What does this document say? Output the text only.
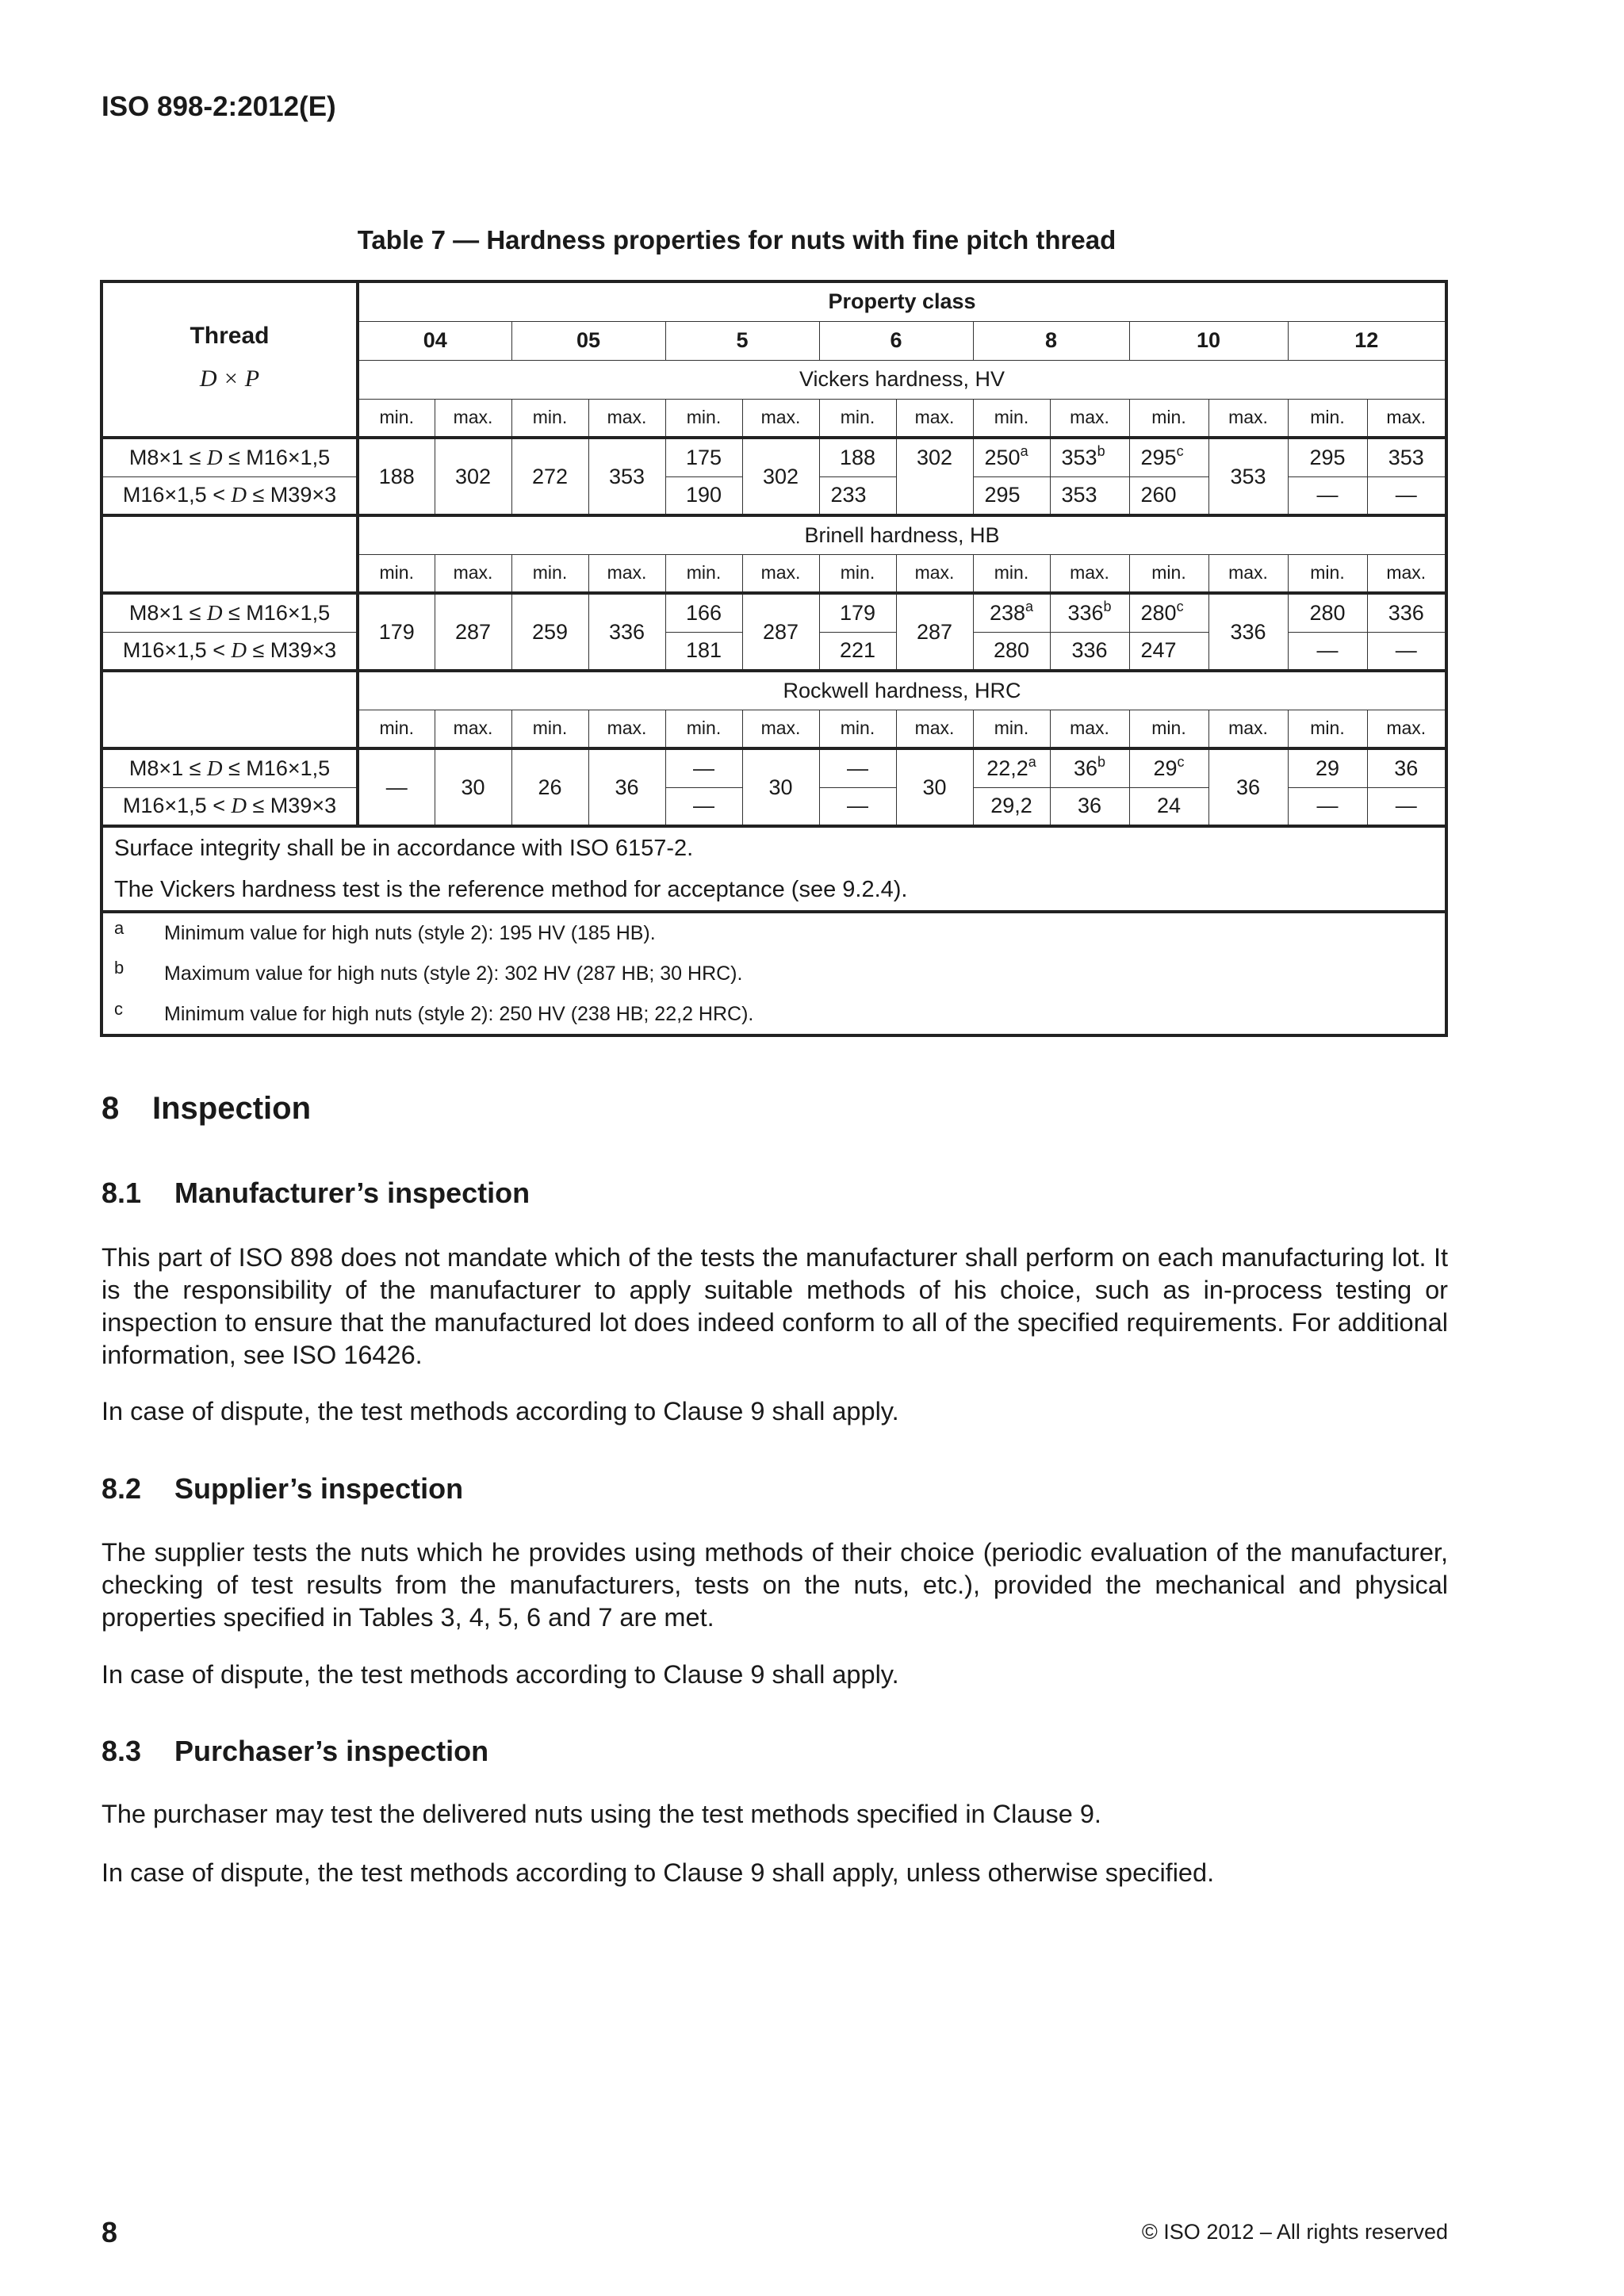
ISO 898-2:2012(E)
Table 7 — Hardness properties for nuts with fine pitch thread
Thread
D × P	Property class													
	04		05		5		6		8		10		12	
	Vickers hardness, HV													
	min.	max.	min.	max.	min.	max.	min.	max.	min.	max.	min.	max.	min.	max.
M8×1 ≤ D ≤ M16×1,5	188	302	272	353	175	302	188	302	250$^a$	353$^b$	295$^c$	353	295	353
M16×1,5 < D ≤ M39×3					190		233		295	353	260		—	—
	Brinell hardness, HB													
	min.	max.	min.	max.	min.	max.	min.	max.	min.	max.	min.	max.	min.	max.
M8×1 ≤ D ≤ M16×1,5	179	287	259	336	166	287	179	287	238$^a$	336$^b$	280$^c$	336	280	336
M16×1,5 < D ≤ M39×3					181		221		280	336	247		—	—
	Rockwell hardness, HRC													
	min.	max.	min.	max.	min.	max.	min.	max.	min.	max.	min.	max.	min.	max.
M8×1 ≤ D ≤ M16×1,5	—	30	26	36	—	30	—	30	22,2$^a$	36$^b$	29$^c$	36	29	36
M16×1,5 < D ≤ M39×3					—		—		29,2	36	24		—	—
Surface integrity shall be in accordance with ISO 6157-2.														
The Vickers hardness test is the reference method for acceptance (see 9.2.4).														
a	Minimum value for high nuts (style 2): 195 HV (185 HB).													
b	Maximum value for high nuts (style 2): 302 HV (287 HB; 30 HRC).													
c	Minimum value for high nuts (style 2): 250 HV (238 HB; 22,2 HRC).													
8 Inspection
8.1 Manufacturer’s inspection

This part of ISO 898 does not mandate which of the tests the manufacturer shall perform on each manufacturing lot. It is the responsibility of the manufacturer to apply suitable methods of his choice, such as in-process testing or inspection to ensure that the manufactured lot does indeed conform to all of the specified requirements. For additional information, see ISO 16426.

In case of dispute, the test methods according to Clause 9 shall apply.

8.2 Supplier’s inspection

The supplier tests the nuts which he provides using methods of their choice (periodic evaluation of the manufacturer, checking of test results from the manufacturers, tests on the nuts, etc.), provided the mechanical and physical properties specified in Tables 3, 4, 5, 6 and 7 are met.

In case of dispute, the test methods according to Clause 9 shall apply.

8.3 Purchaser’s inspection

The purchaser may test the delivered nuts using the test methods specified in Clause 9.

In case of dispute, the test methods according to Clause 9 shall apply, unless otherwise specified.

8	© ISO 2012 – All rights reserved
